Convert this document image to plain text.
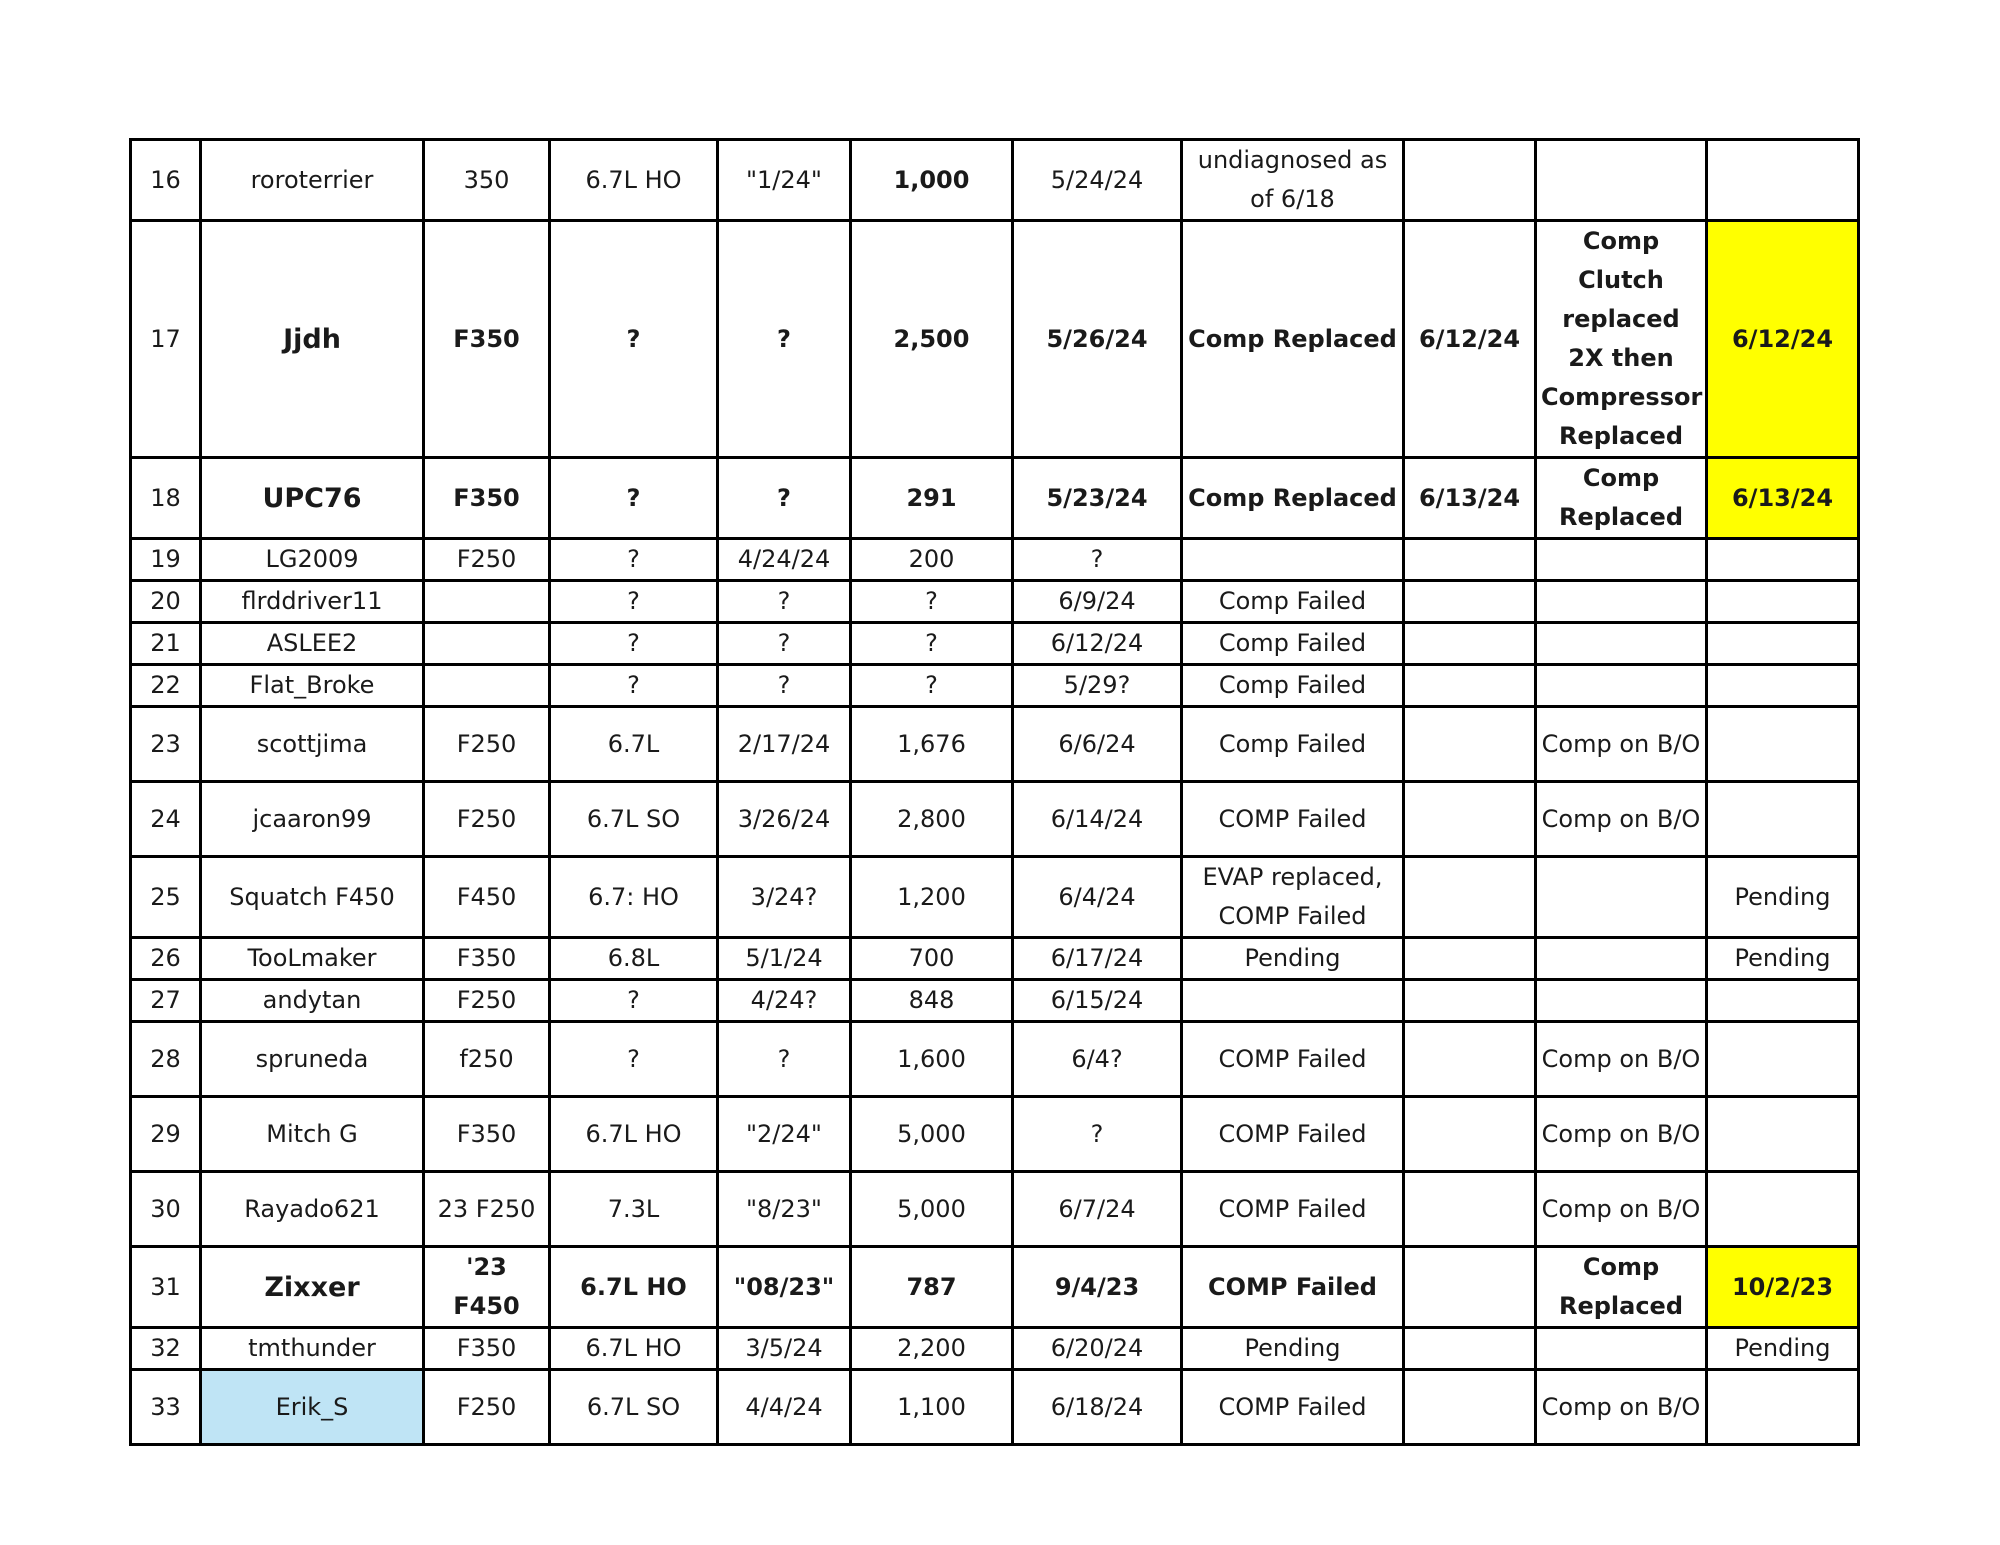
16	roroterrier	350	6.7L HO	"1/24"	1,000	5/24/24	undiagnosed as of 6/18			
17	Jjdh	F350	?	?	2,500	5/26/24	Comp Replaced	6/12/24	Comp Clutch replaced 2X then Compressor Replaced	6/12/24
18	UPC76	F350	?	?	291	5/23/24	Comp Replaced	6/13/24	Comp Replaced	6/13/24
19	LG2009	F250	?	4/24/24	200	?				
20	flrddriver11		?	?	?	6/9/24	Comp Failed			
21	ASLEE2		?	?	?	6/12/24	Comp Failed			
22	Flat_Broke		?	?	?	5/29?	Comp Failed			
23	scottjima	F250	6.7L	2/17/24	1,676	6/6/24	Comp Failed		Comp on B/O	
24	jcaaron99	F250	6.7L SO	3/26/24	2,800	6/14/24	COMP Failed		Comp on B/O	
25	Squatch F450	F450	6.7: HO	3/24?	1,200	6/4/24	EVAP replaced, COMP Failed			Pending
26	TooLmaker	F350	6.8L	5/1/24	700	6/17/24	Pending			Pending
27	andytan	F250	?	4/24?	848	6/15/24				
28	spruneda	f250	?	?	1,600	6/4?	COMP Failed		Comp on B/O	
29	Mitch G	F350	6.7L HO	"2/24"	5,000	?	COMP Failed		Comp on B/O	
30	Rayado621	23 F250	7.3L	"8/23"	5,000	6/7/24	COMP Failed		Comp on B/O	
31	Zixxer	'23 F450	6.7L HO	"08/23"	787	9/4/23	COMP Failed		Comp Replaced	10/2/23
32	tmthunder	F350	6.7L HO	3/5/24	2,200	6/20/24	Pending			Pending
33	Erik_S	F250	6.7L SO	4/4/24	1,100	6/18/24	COMP Failed		Comp on B/O	
